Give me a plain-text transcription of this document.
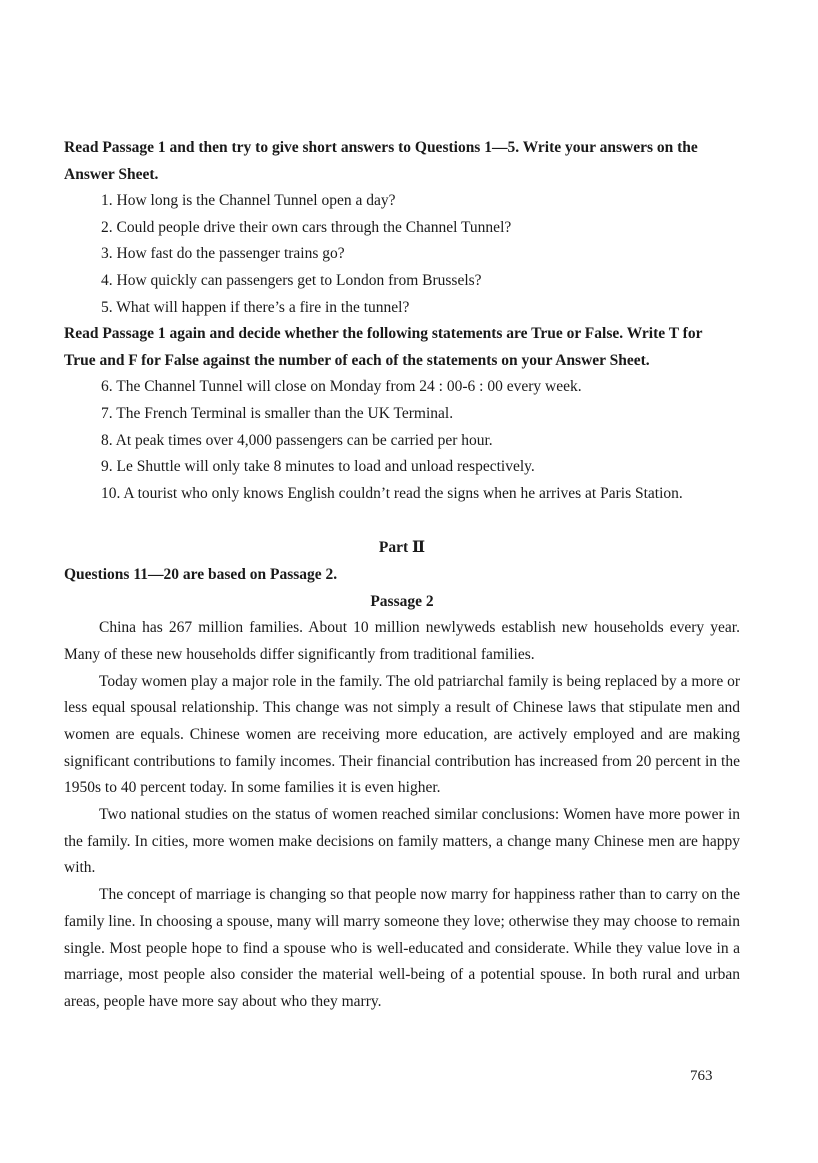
Read Passage 1 and then try to give short answers to Questions 1—5. Write your answers on the
Answer Sheet.
1. How long is the Channel Tunnel open a day?
2. Could people drive their own cars through the Channel Tunnel?
3. How fast do the passenger trains go?
4. How quickly can passengers get to London from Brussels?
5. What will happen if there’s a fire in the tunnel?
Read Passage 1 again and decide whether the following statements are True or False. Write T for
True and F for False against the number of each of the statements on your Answer Sheet.
6. The Channel Tunnel will close on Monday from 24 : 00-6 : 00 every week.
7. The French Terminal is smaller than the UK Terminal.
8. At peak times over 4,000 passengers can be carried per hour.
9. Le Shuttle will only take 8 minutes to load and unload respectively.
10. A tourist who only knows English couldn’t read the signs when he arrives at Paris Station.
Part Ⅱ
Questions 11—20 are based on Passage 2.
Passage 2

China has 267 million families. About 10 million newlyweds establish new households every year. Many of these new households differ significantly from traditional families.

Today women play a major role in the family. The old patriarchal family is being replaced by a more or less equal spousal relationship. This change was not simply a result of Chinese laws that stipulate men and women are equals. Chinese women are receiving more education, are actively employed and are making significant contributions to family incomes. Their financial contribution has increased from 20 percent in the 1950s to 40 percent today. In some families it is even higher.

Two national studies on the status of women reached similar conclusions: Women have more power in the family. In cities, more women make decisions on family matters, a change many Chinese men are happy with.

The concept of marriage is changing so that people now marry for happiness rather than to carry on the family line. In choosing a spouse, many will marry someone they love; otherwise they may choose to remain single. Most people hope to find a spouse who is well-educated and considerate. While they value love in a marriage, most people also consider the material well-being of a potential spouse. In both rural and urban areas, people have more say about who they marry.

763
